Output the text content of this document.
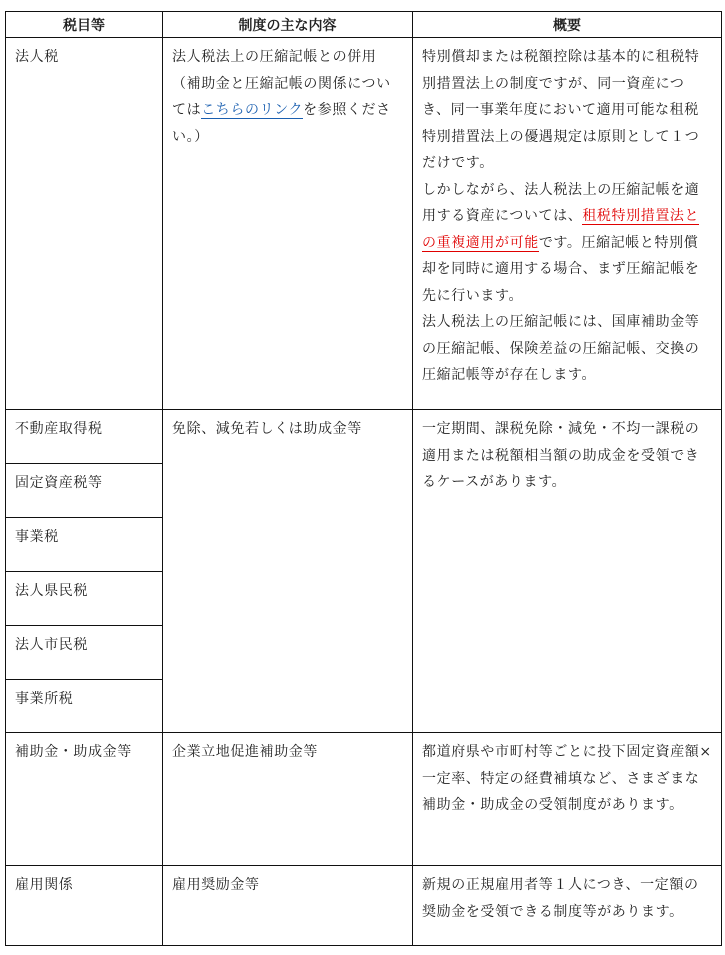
税目等	制度の主な内容	概要

法人税	法人税法上の圧縮記帳との併用（補助金と圧縮記帳の関係についてはこちらのリンクを参照ください。）	特別償却または税額控除は基本的に租税特別措置法上の制度ですが、同一資産につき、同一事業年度において適用可能な租税特別措置法上の優遇規定は原則として１つだけです。

しかしながら、法人税法上の圧縮記帳を適用する資産については、租税特別措置法との重複適用が可能です。圧縮記帳と特別償却を同時に適用する場合、まず圧縮記帳を先に行います。

法人税法上の圧縮記帳には、国庫補助金等の圧縮記帳、保険差益の圧縮記帳、交換の圧縮記帳等が存在します。

不動産取得税	免除、減免若しくは助成金等	一定期間、課税免除・減免・不均一課税の適用または税額相当額の助成金を受領できるケースがあります。

固定資産税等		

事業税		

法人県民税		

法人市民税		

事業所税		

補助金・助成金等	企業立地促進補助金等	都道府県や市町村等ごとに投下固定資産額×一定率、特定の経費補填など、さまざまな補助金・助成金の受領制度があります。

雇用関係	雇用奨励金等	新規の正規雇用者等１人につき、一定額の奨励金を受領できる制度等があります。
